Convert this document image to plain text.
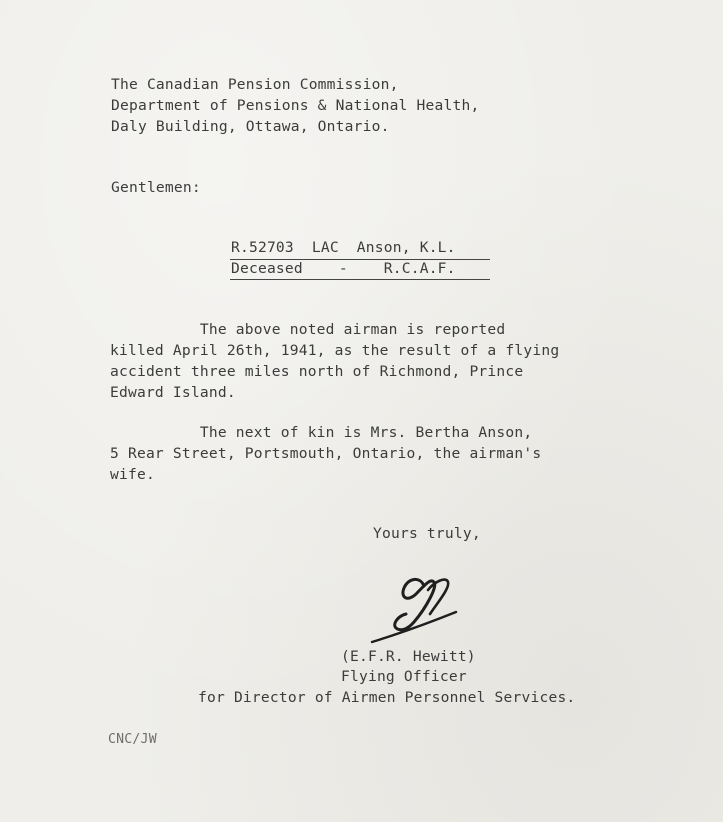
The Canadian Pension Commission,
Department of Pensions & National Health,
Daly Building, Ottawa, Ontario.
Gentlemen:
R.52703  LAC  Anson, K.L.
Deceased    -    R.C.A.F.
The above noted airman is reported
killed April 26th, 1941, as the result of a flying
accident three miles north of Richmond, Prince
Edward Island.
The next of kin is Mrs. Bertha Anson,
5 Rear Street, Portsmouth, Ontario, the airman's
wife.
Yours truly,
(E.F.R. Hewitt)
Flying Officer
for Director of Airmen Personnel Services.
CNC/JW
